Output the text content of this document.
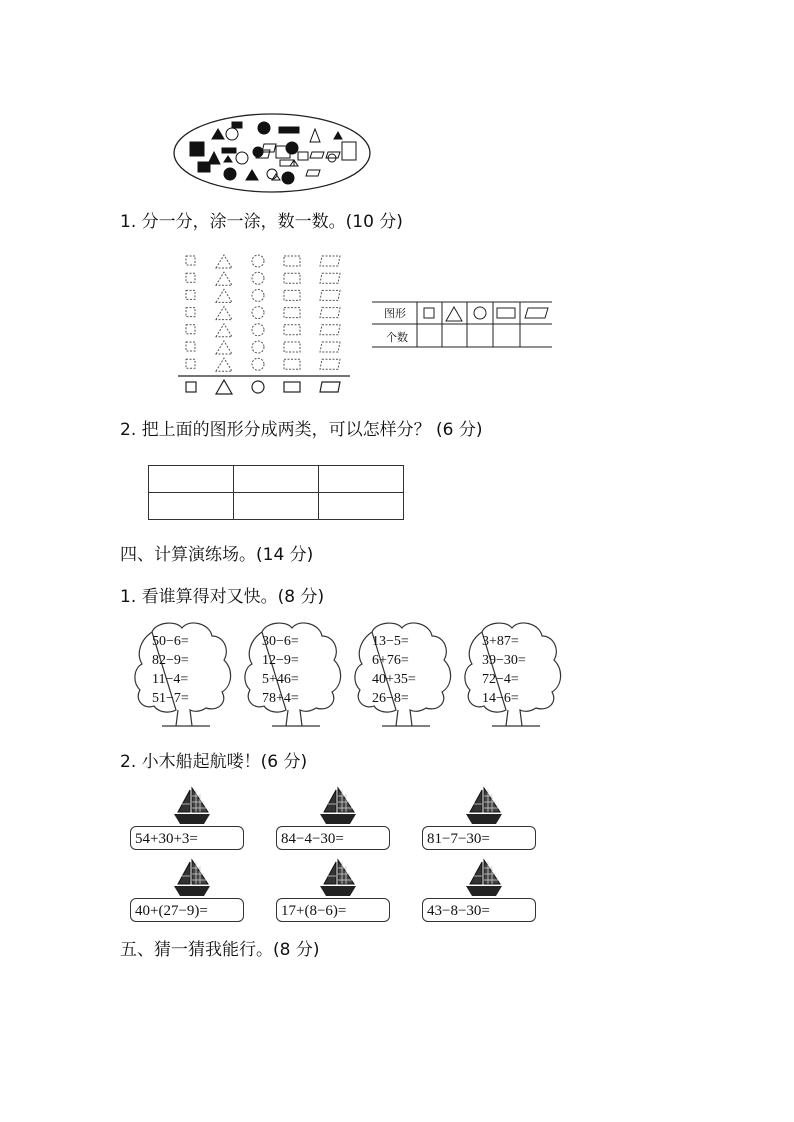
1. 分一分，涂一涂，数一数。(10 分)
图形
个数
2. 把上面的图形分成两类，可以怎样分？ (6 分)

四、计算演练场。(14 分)
1. 看谁算得对又快。(8 分)
50−6=
82−9=
11−4=
51−7=
30−6=
12−9=
5+46=
78+4=
13−5=
6+76=
40+35=
26−8=
3+87=
39−30=
72−4=
14−6=
2. 小木船起航喽！(6 分)
54+30+3=	84−4−30=	81−7−30=
40+(27−9)=	17+(8−6)=	43−8−30=
五、猜一猜我能行。(8 分)
